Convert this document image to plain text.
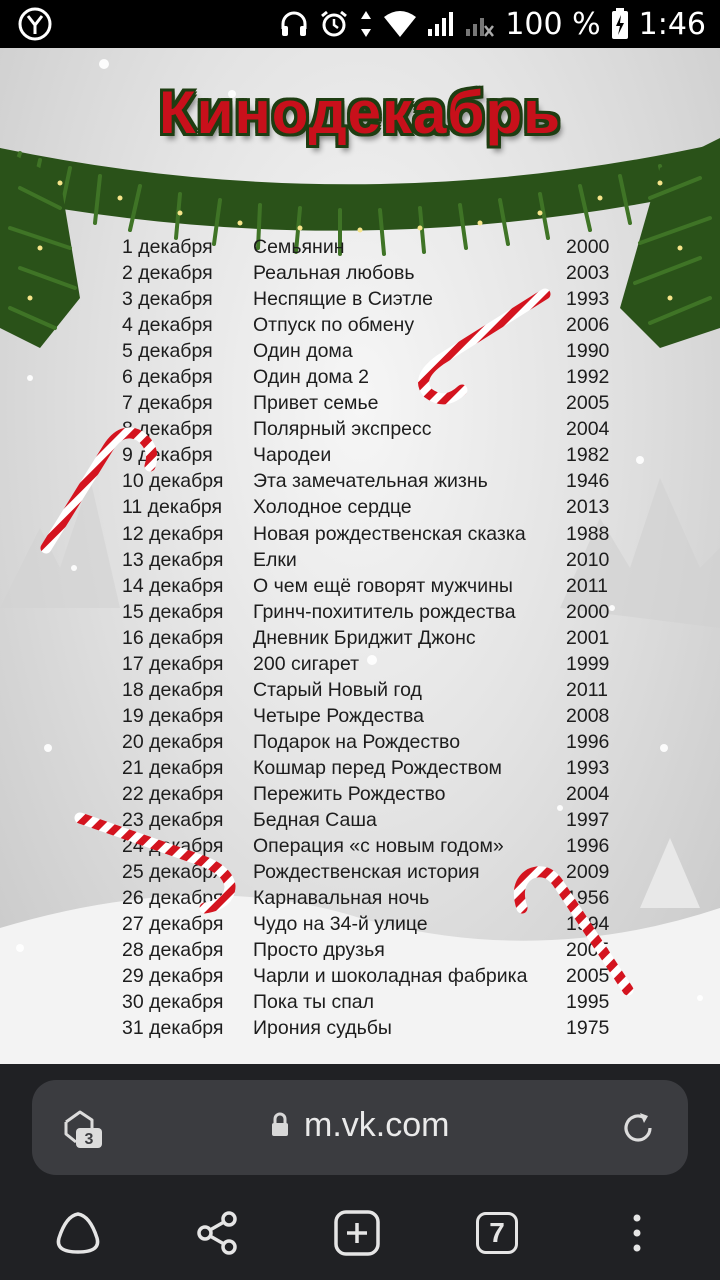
100 % 1:46
Кинодекабрь
1 декабря Семьянин	2000
2 декабря Реальная любовь	2003
3 декабря Неспящие в Сиэтле	1993
4 декабря Отпуск по обмену	2006
5 декабря Один дома	1990
6 декабря Один дома 2	1992
7 декабря Привет семье	2005
8 декабря Полярный экспресс	2004
9 декабря Чародеи	1982
10 декабря Эта замечательная жизнь	1946
11 декабря Холодное сердце	2013
12 декабря Новая рождественская сказка 1988
13 декабря Елки	2010
14 декабря О чем ещё говорят мужчины	2011
15 декабря Гринч-похититель рождества	2000
16 декабря Дневник Бриджит Джонс	2001
17 декабря 200 сигарет	1999
18 декабря Старый Новый год	2011
19 декабря Четыре Рождества	2008
20 декабря Подарок на Рождество	1996
21 декабря Кошмар перед Рождеством	1993
22 декабря Пережить Рождество	2004
23 декабря Бедная Саша	1997
24 декабря Операция «с новым годом»	1996
25 декабря Рождественская история	2009
26 декабря Карнавальная ночь	1956
27 декабря Чудо на 34-й улице	1994
28 декабря Просто друзья	2005
29 декабря Чарли и шоколадная фабрика 2005
30 декабря Пока ты спал	1995
31 декабря Ирония судьбы	1975
3	m.vk.com
7
